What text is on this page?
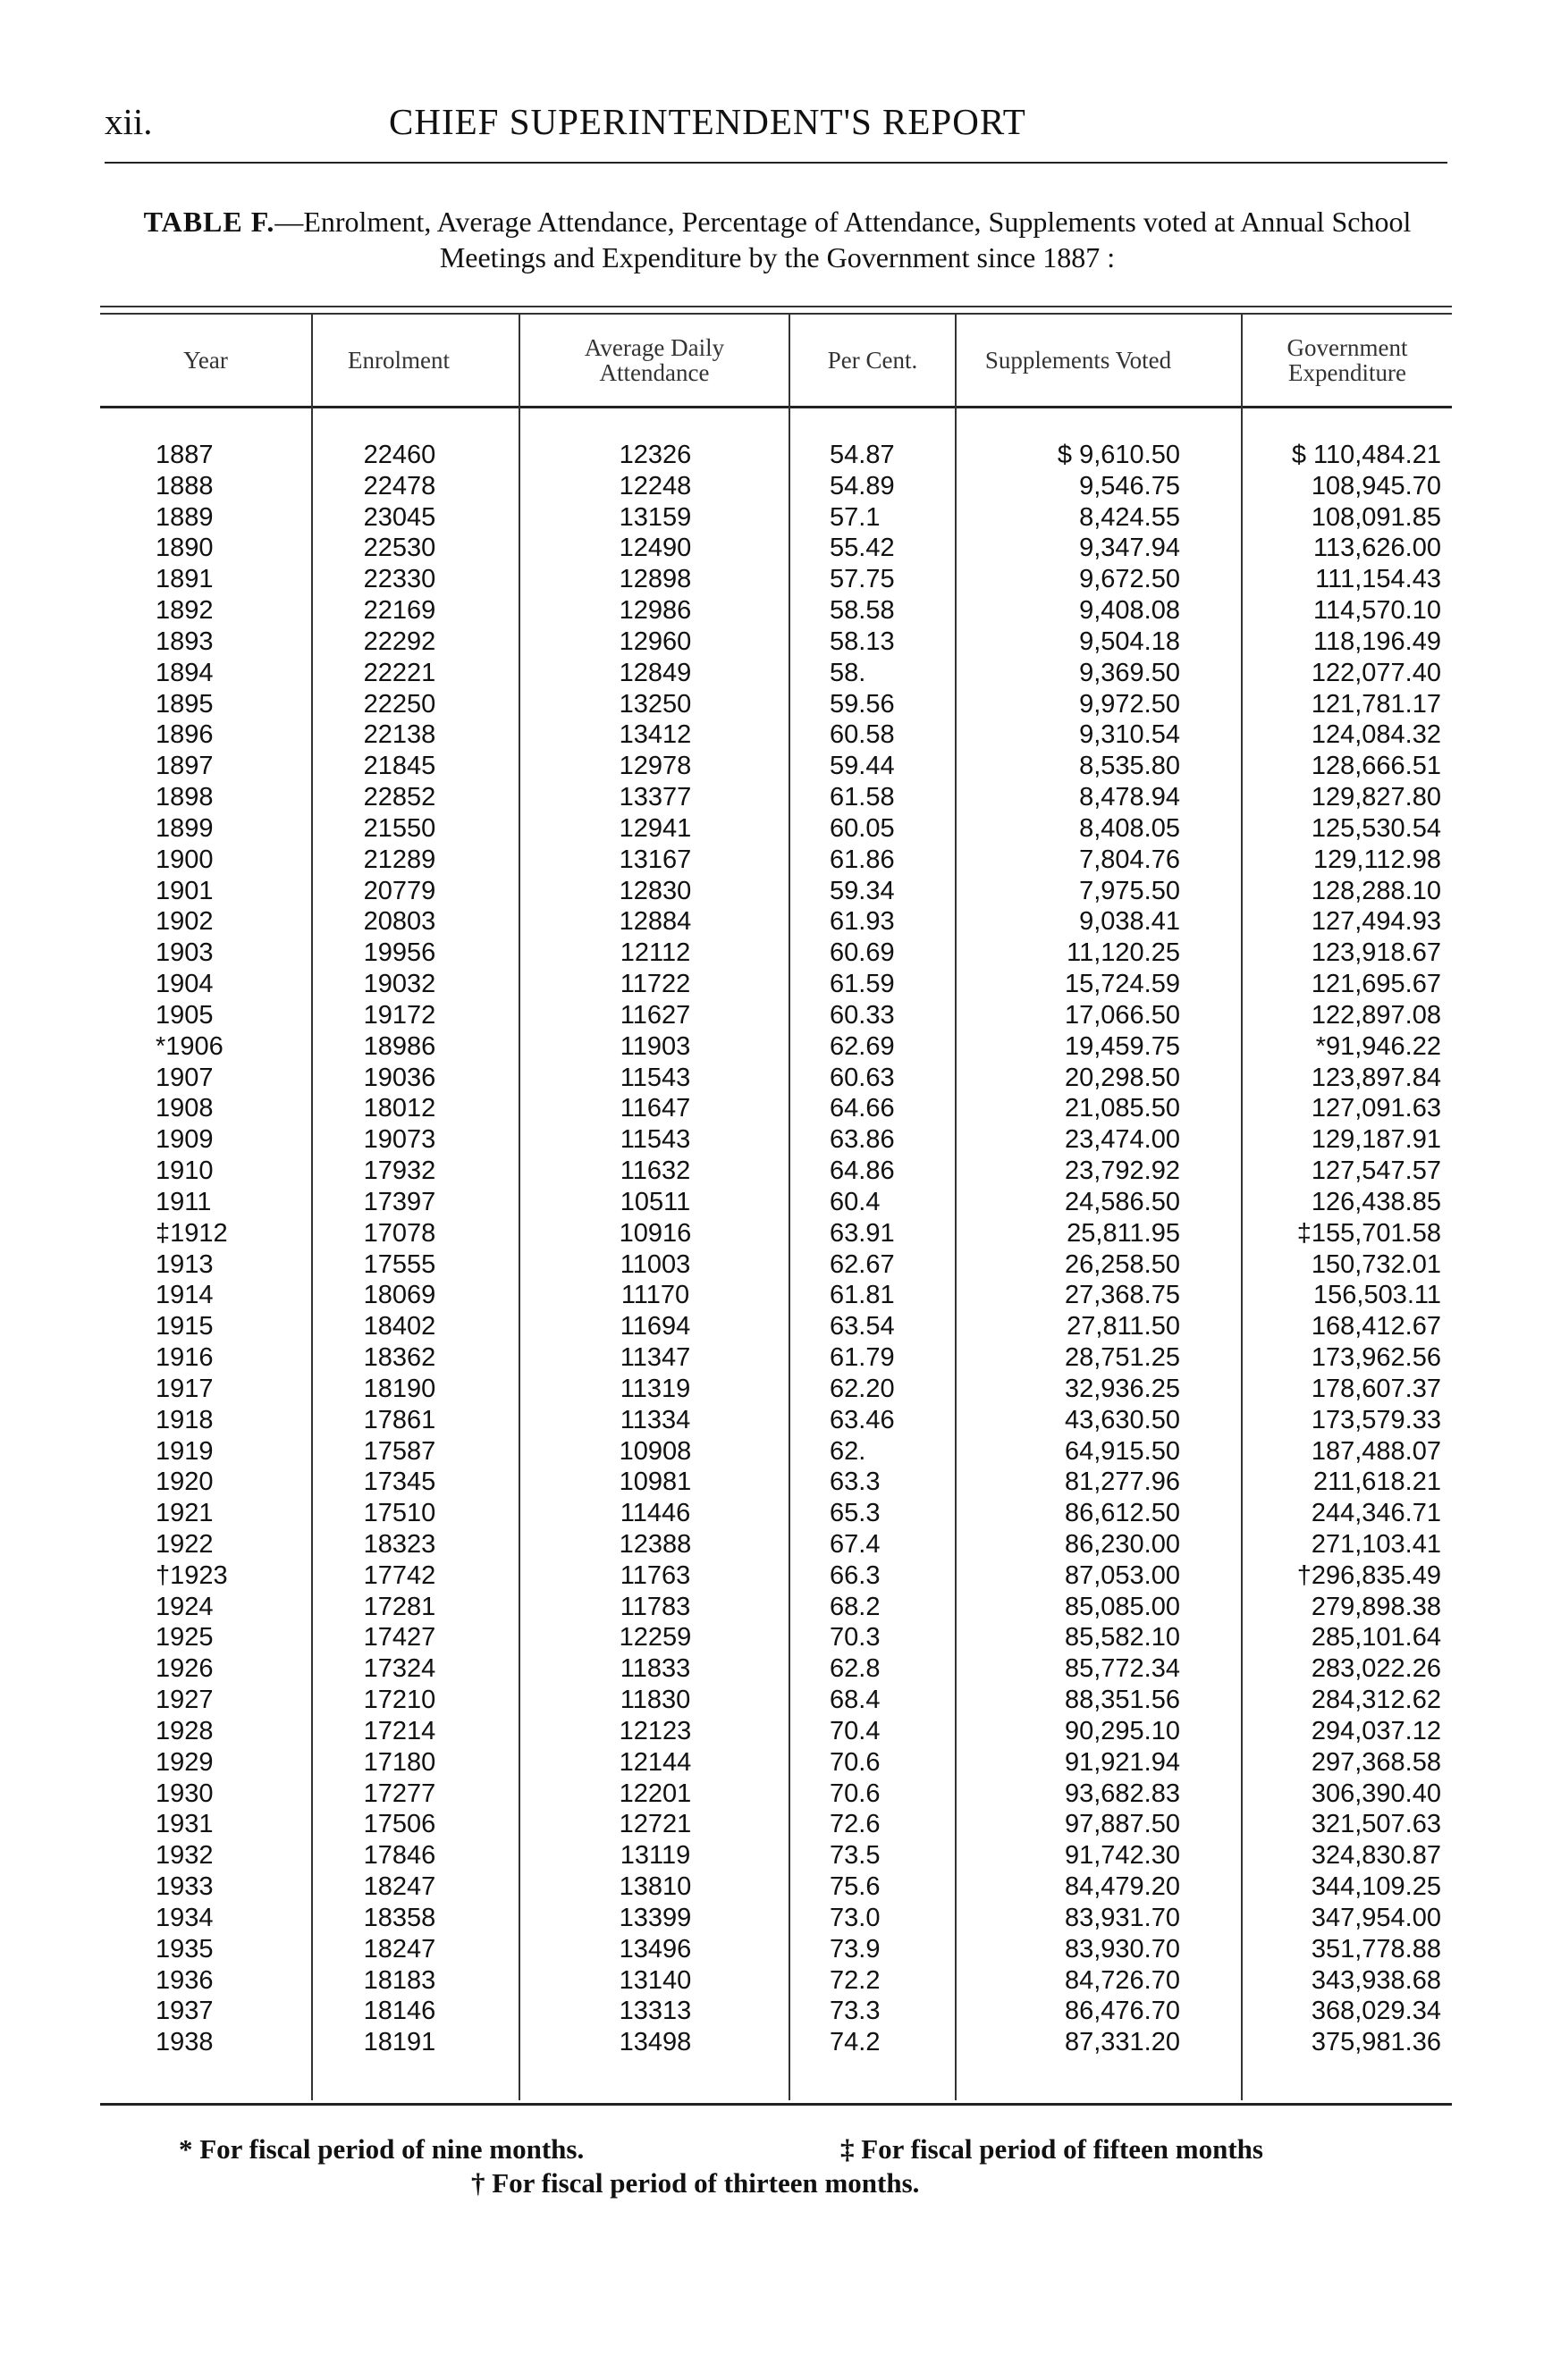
xii.	CHIEF SUPERINTENDENT'S REPORT
TABLE F.—Enrolment, Average Attendance, Percentage of Attendance, Supplements voted at Annual School Meetings and Expenditure by the Government since 1887 :
Year	Enrolment	Average Daily Attendance	Per Cent.	Supplements Voted	Government Expenditure
1887	22460	12326	54.87	$ 9,610.50	$ 110,484.21
1888	22478	12248	54.89	9,546.75	108,945.70
1889	23045	13159	57.1	8,424.55	108,091.85
1890	22530	12490	55.42	9,347.94	113,626.00
1891	22330	12898	57.75	9,672.50	111,154.43
1892	22169	12986	58.58	9,408.08	114,570.10
1893	22292	12960	58.13	9,504.18	118,196.49
1894	22221	12849	58.	9,369.50	122,077.40
1895	22250	13250	59.56	9,972.50	121,781.17
1896	22138	13412	60.58	9,310.54	124,084.32
1897	21845	12978	59.44	8,535.80	128,666.51
1898	22852	13377	61.58	8,478.94	129,827.80
1899	21550	12941	60.05	8,408.05	125,530.54
1900	21289	13167	61.86	7,804.76	129,112.98
1901	20779	12830	59.34	7,975.50	128,288.10
1902	20803	12884	61.93	9,038.41	127,494.93
1903	19956	12112	60.69	11,120.25	123,918.67
1904	19032	11722	61.59	15,724.59	121,695.67
1905	19172	11627	60.33	17,066.50	122,897.08
*1906	18986	11903	62.69	19,459.75	*91,946.22
1907	19036	11543	60.63	20,298.50	123,897.84
1908	18012	11647	64.66	21,085.50	127,091.63
1909	19073	11543	63.86	23,474.00	129,187.91
1910	17932	11632	64.86	23,792.92	127,547.57
1911	17397	10511	60.4	24,586.50	126,438.85
‡1912	17078	10916	63.91	25,811.95	‡155,701.58
1913	17555	11003	62.67	26,258.50	150,732.01
1914	18069	11170	61.81	27,368.75	156,503.11
1915	18402	11694	63.54	27,811.50	168,412.67
1916	18362	11347	61.79	28,751.25	173,962.56
1917	18190	11319	62.20	32,936.25	178,607.37
1918	17861	11334	63.46	43,630.50	173,579.33
1919	17587	10908	62.	64,915.50	187,488.07
1920	17345	10981	63.3	81,277.96	211,618.21
1921	17510	11446	65.3	86,612.50	244,346.71
1922	18323	12388	67.4	86,230.00	271,103.41
†1923	17742	11763	66.3	87,053.00	†296,835.49
1924	17281	11783	68.2	85,085.00	279,898.38
1925	17427	12259	70.3	85,582.10	285,101.64
1926	17324	11833	62.8	85,772.34	283,022.26
1927	17210	11830	68.4	88,351.56	284,312.62
1928	17214	12123	70.4	90,295.10	294,037.12
1929	17180	12144	70.6	91,921.94	297,368.58
1930	17277	12201	70.6	93,682.83	306,390.40
1931	17506	12721	72.6	97,887.50	321,507.63
1932	17846	13119	73.5	91,742.30	324,830.87
1933	18247	13810	75.6	84,479.20	344,109.25
1934	18358	13399	73.0	83,931.70	347,954.00
1935	18247	13496	73.9	83,930.70	351,778.88
1936	18183	13140	72.2	84,726.70	343,938.68
1937	18146	13313	73.3	86,476.70	368,029.34
1938	18191	13498	74.2	87,331.20	375,981.36
* For fiscal period of nine months.	‡ For fiscal period of fifteen months
† For fiscal period of thirteen months.
